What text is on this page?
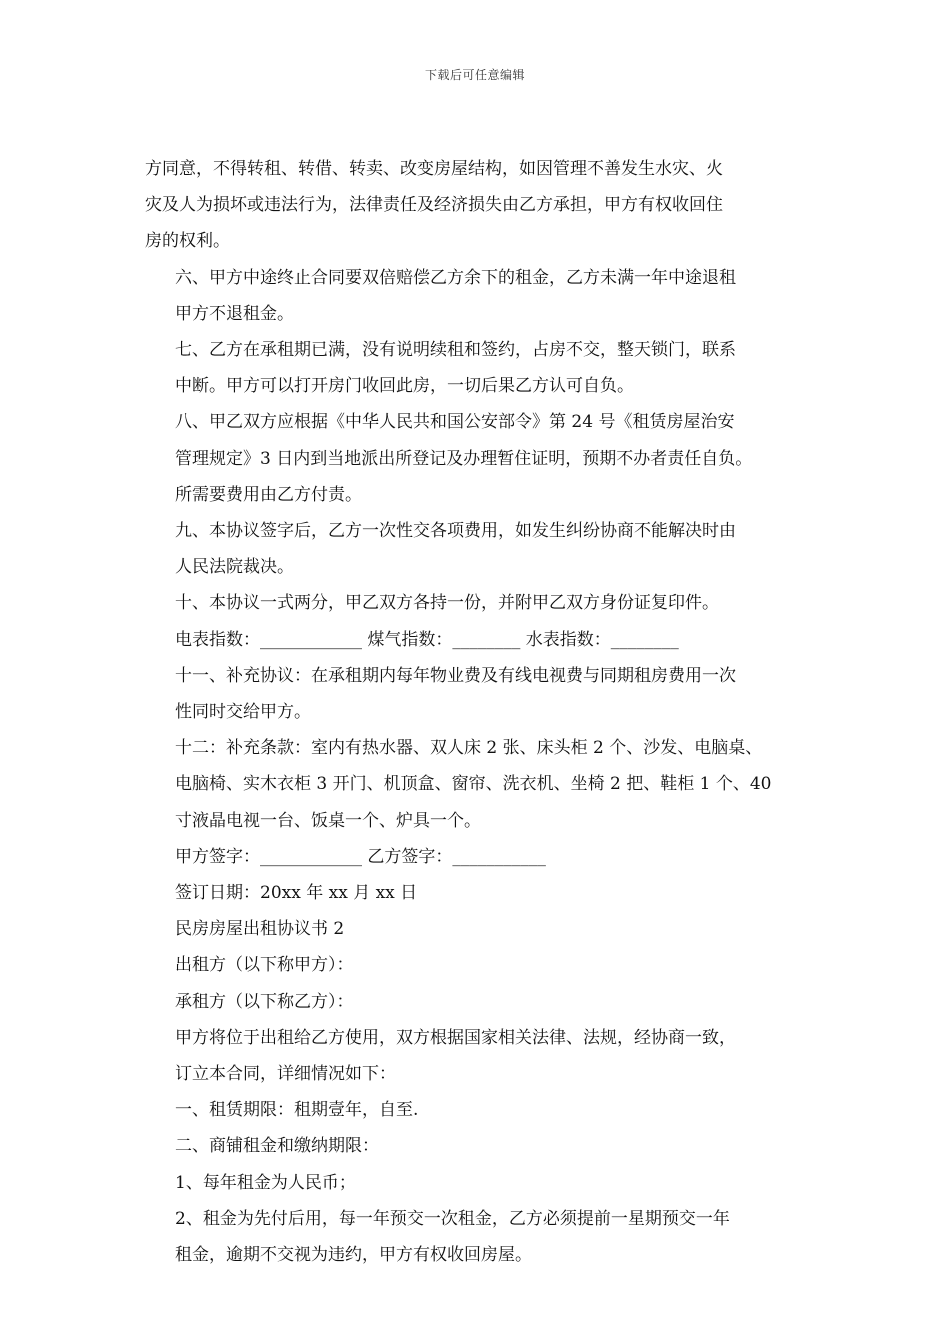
下载后可任意编辑
方同意，不得转租、转借、转卖、改变房屋结构，如因管理不善发生水灾、火
灾及人为损坏或违法行为，法律责任及经济损失由乙方承担，甲方有权收回住
房的权利。
六、甲方中途终止合同要双倍赔偿乙方余下的租金，乙方未满一年中途退租
甲方不退租金。
七、乙方在承租期已满，没有说明续租和签约，占房不交，整天锁门，联系
中断。甲方可以打开房门收回此房，一切后果乙方认可自负。
八、甲乙双方应根据《中华人民共和国公安部令》第 24 号《租赁房屋治安
管理规定》3 日内到当地派出所登记及办理暂住证明，预期不办者责任自负。
所需要费用由乙方付责。
九、本协议签字后，乙方一次性交各项费用，如发生纠纷协商不能解决时由
人民法院裁决。
十、本协议一式两分，甲乙双方各持一份，并附甲乙双方身份证复印件。
电表指数：____________ 煤气指数：________ 水表指数：________
十一、补充协议：在承租期内每年物业费及有线电视费与同期租房费用一次
性同时交给甲方。
十二：补充条款：室内有热水器、双人床 2 张、床头柜 2 个、沙发、电脑桌、
电脑椅、实木衣柜 3 开门、机顶盒、窗帘、洗衣机、坐椅 2 把、鞋柜 1 个、40
寸液晶电视一台、饭桌一个、炉具一个。
甲方签字：____________ 乙方签字：___________
签订日期：20xx 年 xx 月 xx 日
民房房屋出租协议书 2
出租方（以下称甲方）：
承租方（以下称乙方）：
甲方将位于出租给乙方使用，双方根据国家相关法律、法规，经协商一致，
订立本合同，详细情况如下：
一、租赁期限：租期壹年，自至.
二、商铺租金和缴纳期限：
1、每年租金为人民币；
2、租金为先付后用，每一年预交一次租金，乙方必须提前一星期预交一年
租金，逾期不交视为违约，甲方有权收回房屋。
